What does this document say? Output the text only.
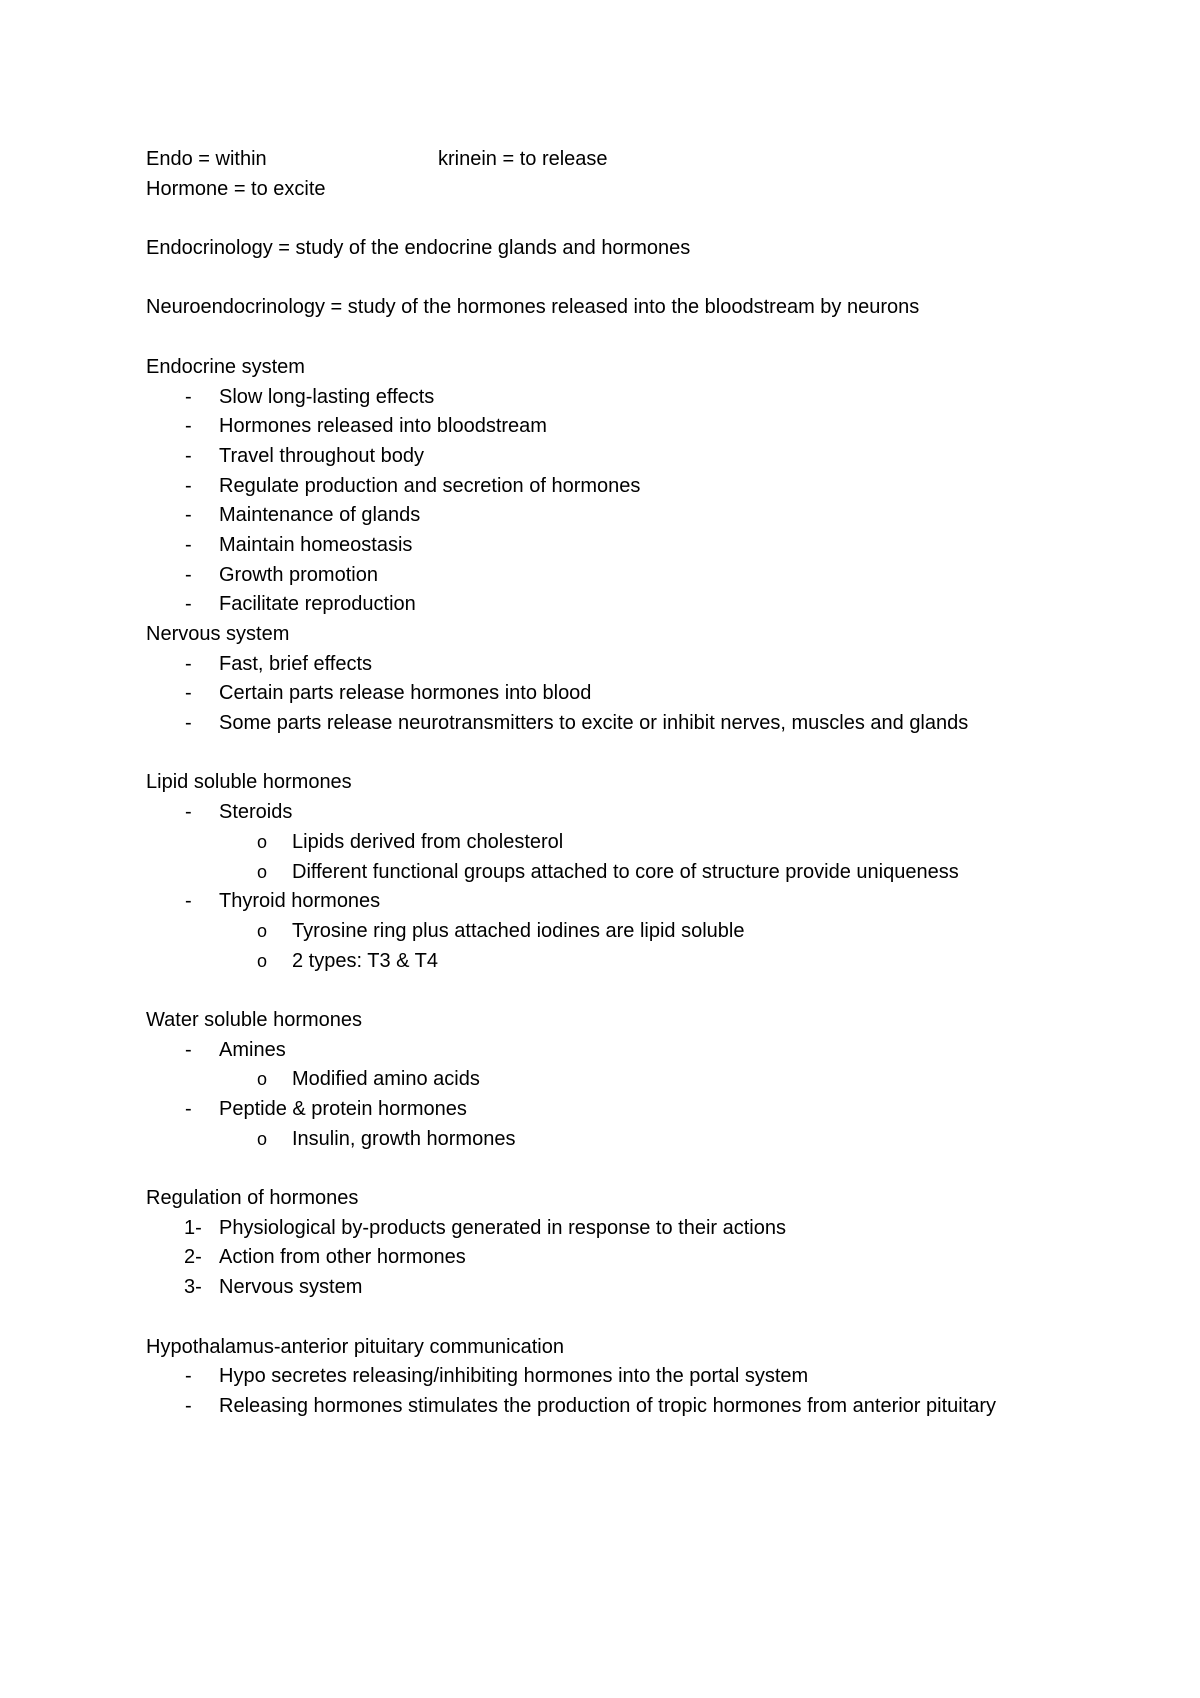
Endo = within	krinein = to release
Hormone = to excite
Endocrinology = study of the endocrine glands and hormones
Neuroendocrinology = study of the hormones released into the bloodstream by neurons
Endocrine system
- Slow long-lasting effects
- Hormones released into bloodstream
- Travel throughout body
- Regulate production and secretion of hormones
- Maintenance of glands
- Maintain homeostasis
- Growth promotion
- Facilitate reproduction
Nervous system
- Fast, brief effects
- Certain parts release hormones into blood
- Some parts release neurotransmitters to excite or inhibit nerves, muscles and glands
Lipid soluble hormones
- Steroids
o Lipids derived from cholesterol
o Different functional groups attached to core of structure provide uniqueness
- Thyroid hormones
o Tyrosine ring plus attached iodines are lipid soluble
o 2 types: T3 & T4
Water soluble hormones
- Amines
o Modified amino acids
- Peptide & protein hormones
o Insulin, growth hormones
Regulation of hormones
1- Physiological by-products generated in response to their actions
2- Action from other hormones
3- Nervous system
Hypothalamus-anterior pituitary communication
- Hypo secretes releasing/inhibiting hormones into the portal system
- Releasing hormones stimulates the production of tropic hormones from anterior pituitary
